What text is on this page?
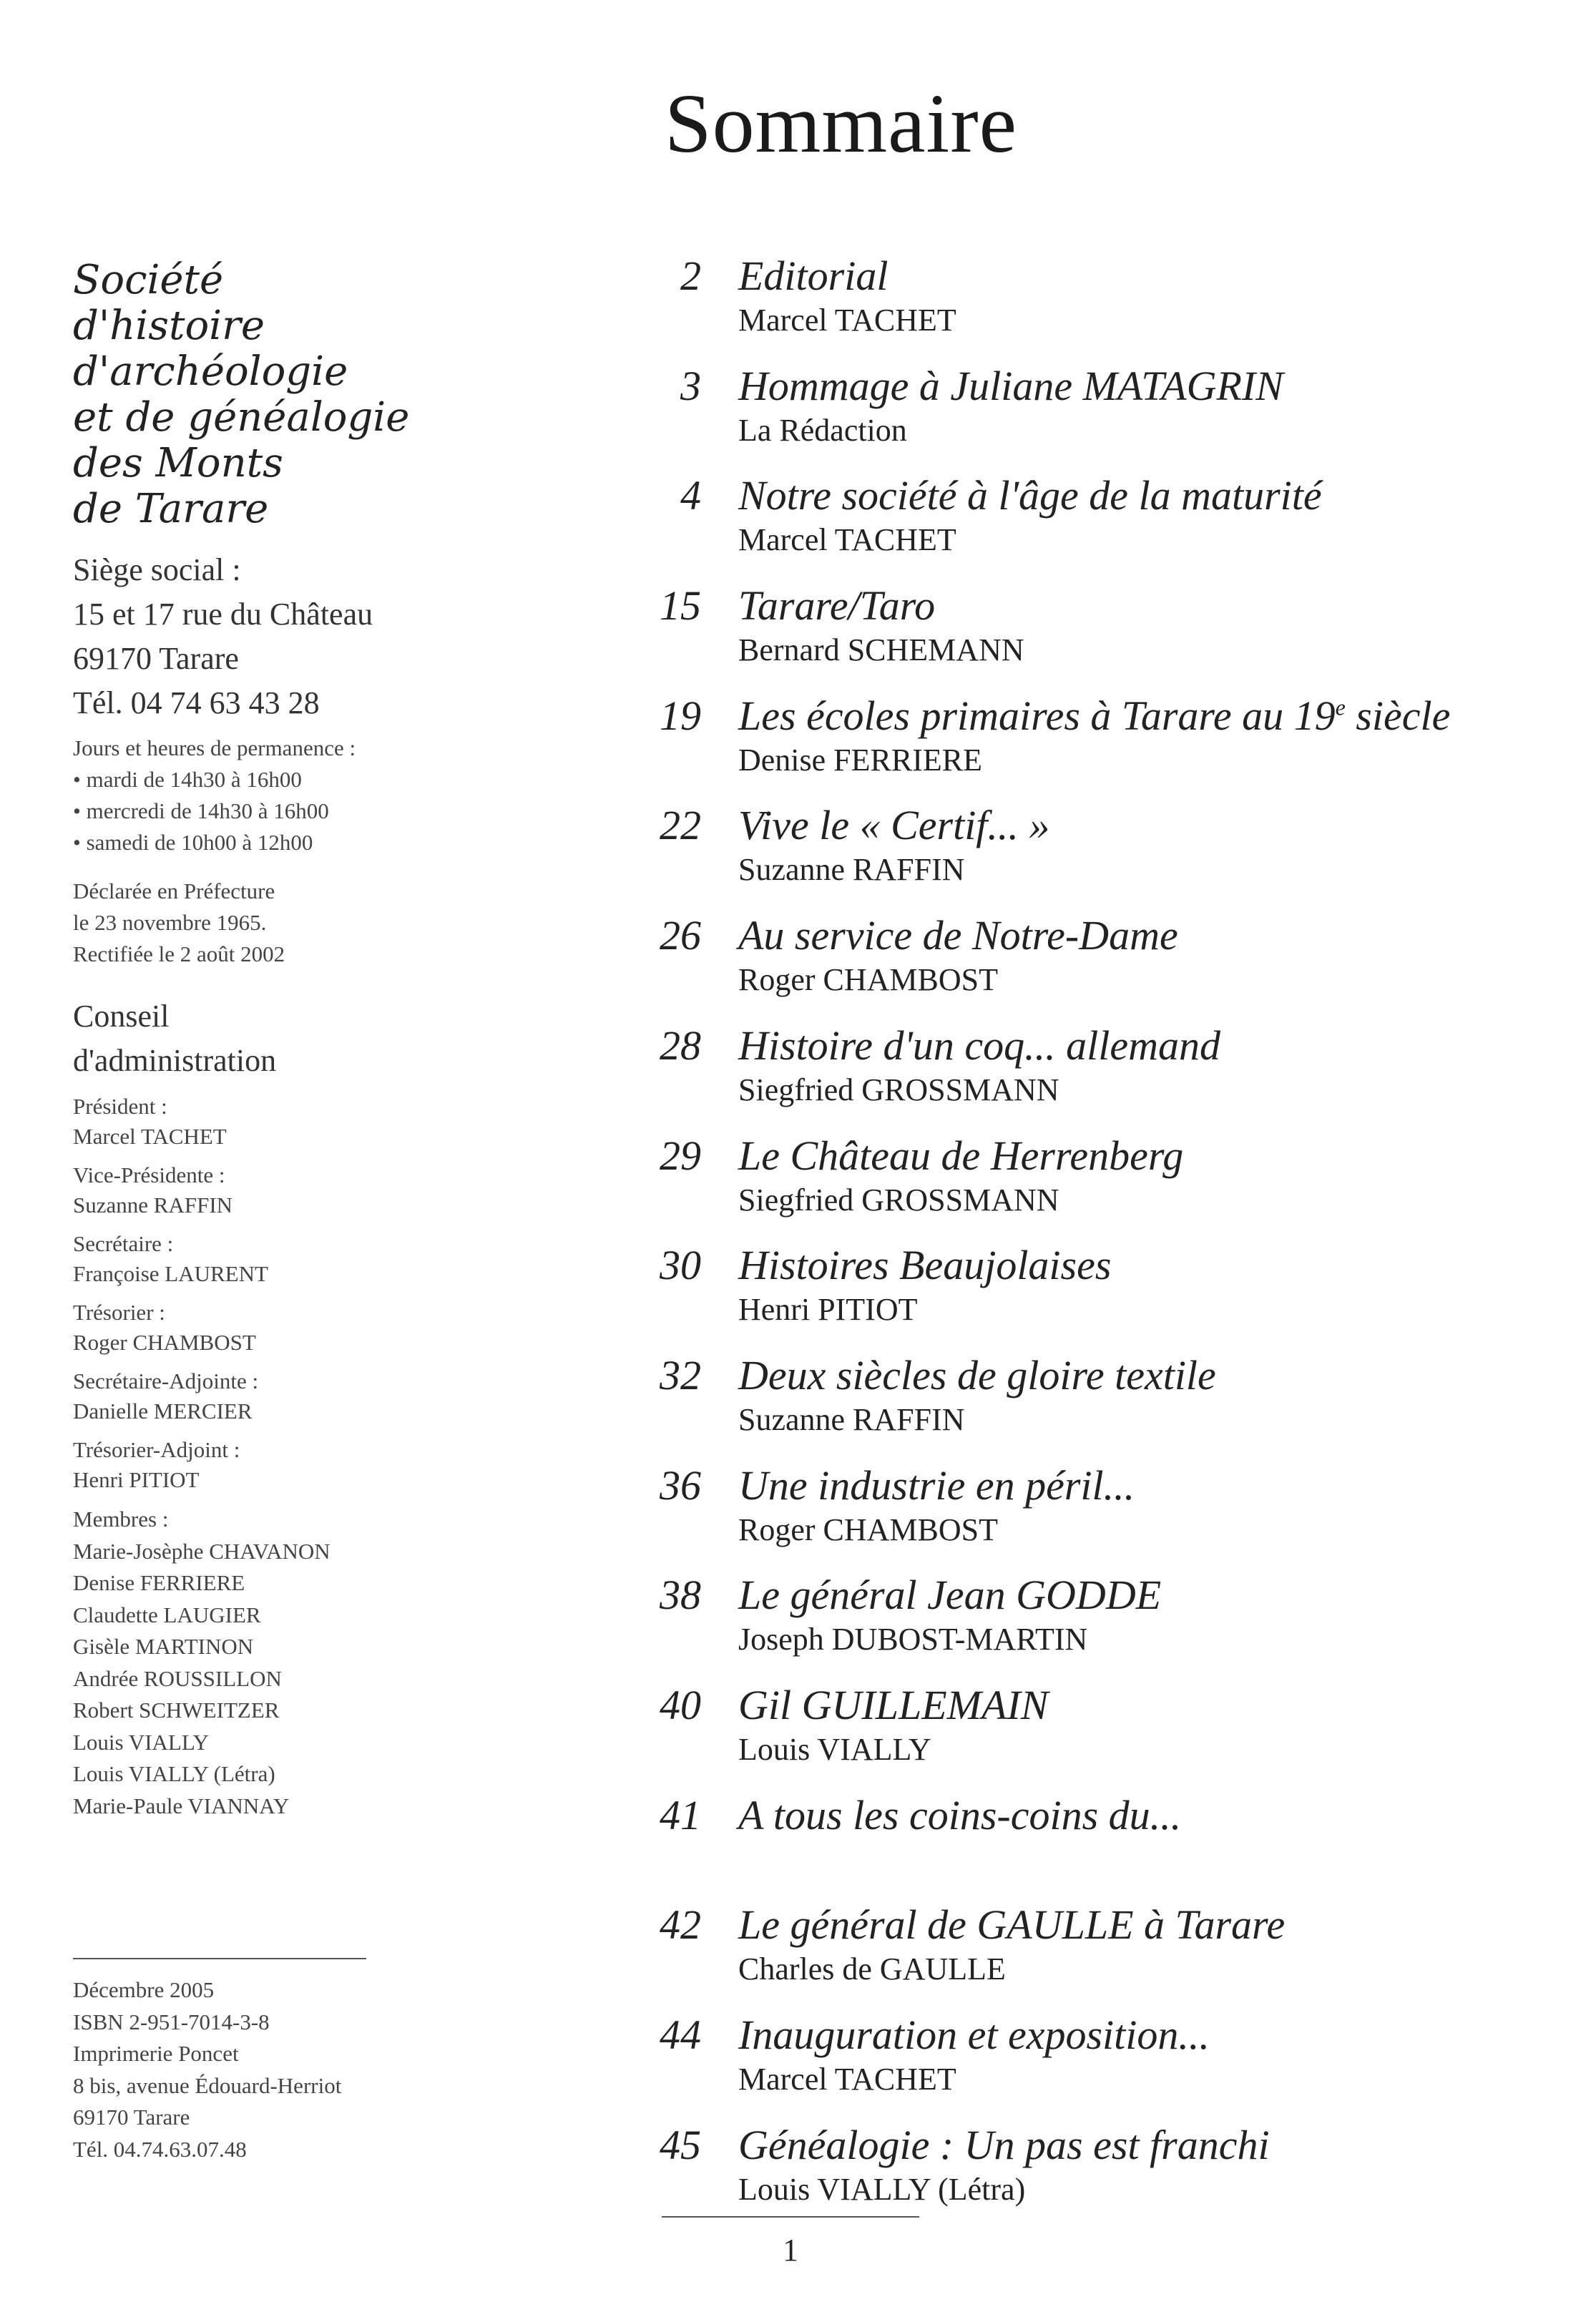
Sommaire
Société
d'histoire
d'archéologie
et de généalogie
des Monts
de Tarare
Siège social :
15 et 17 rue du Château
69170 Tarare
Tél. 04 74 63 43 28
Jours et heures de permanence :
• mardi de 14h30 à 16h00
• mercredi de 14h30 à 16h00
• samedi de 10h00 à 12h00

Déclarée en Préfecture

le 23 novembre 1965.

Rectifiée le 2 août 2002

Conseil
d'administration
Président :
Marcel TACHET
Vice-Présidente :
Suzanne RAFFIN
Secrétaire :
Françoise LAURENT
Trésorier :
Roger CHAMBOST
Secrétaire-Adjointe :
Danielle MERCIER
Trésorier-Adjoint :
Henri PITIOT
Membres :
Marie-Josèphe CHAVANON
Denise FERRIERE
Claudette LAUGIER
Gisèle MARTINON
Andrée ROUSSILLON
Robert SCHWEITZER
Louis VIALLY
Louis VIALLY (Létra)
Marie-Paule VIANNAY
Décembre 2005
ISBN 2-951-7014-3-8
Imprimerie Poncet
8 bis, avenue Édouard-Herriot
69170 Tarare
Tél. 04.74.63.07.48
2 Editorial
Marcel TACHET
3 Hommage à Juliane MATAGRIN
La Rédaction
4 Notre société à l'âge de la maturité
Marcel TACHET
15 Tarare/Taro
Bernard SCHEMANN
19 Les écoles primaires à Tarare au 19e siècle
Denise FERRIERE
22 Vive le « Certif... »
Suzanne RAFFIN
26 Au service de Notre-Dame
Roger CHAMBOST
28 Histoire d'un coq... allemand
Siegfried GROSSMANN
29 Le Château de Herrenberg
Siegfried GROSSMANN
30 Histoires Beaujolaises
Henri PITIOT
32 Deux siècles de gloire textile
Suzanne RAFFIN
36 Une industrie en péril...
Roger CHAMBOST
38 Le général Jean GODDE
Joseph DUBOST-MARTIN
40 Gil GUILLEMAIN
Louis VIALLY
41 A tous les coins-coins du...
42 Le général de GAULLE à Tarare
Charles de GAULLE
44 Inauguration et exposition...
Marcel TACHET
45 Généalogie : Un pas est franchi
Louis VIALLY (Létra)
1
